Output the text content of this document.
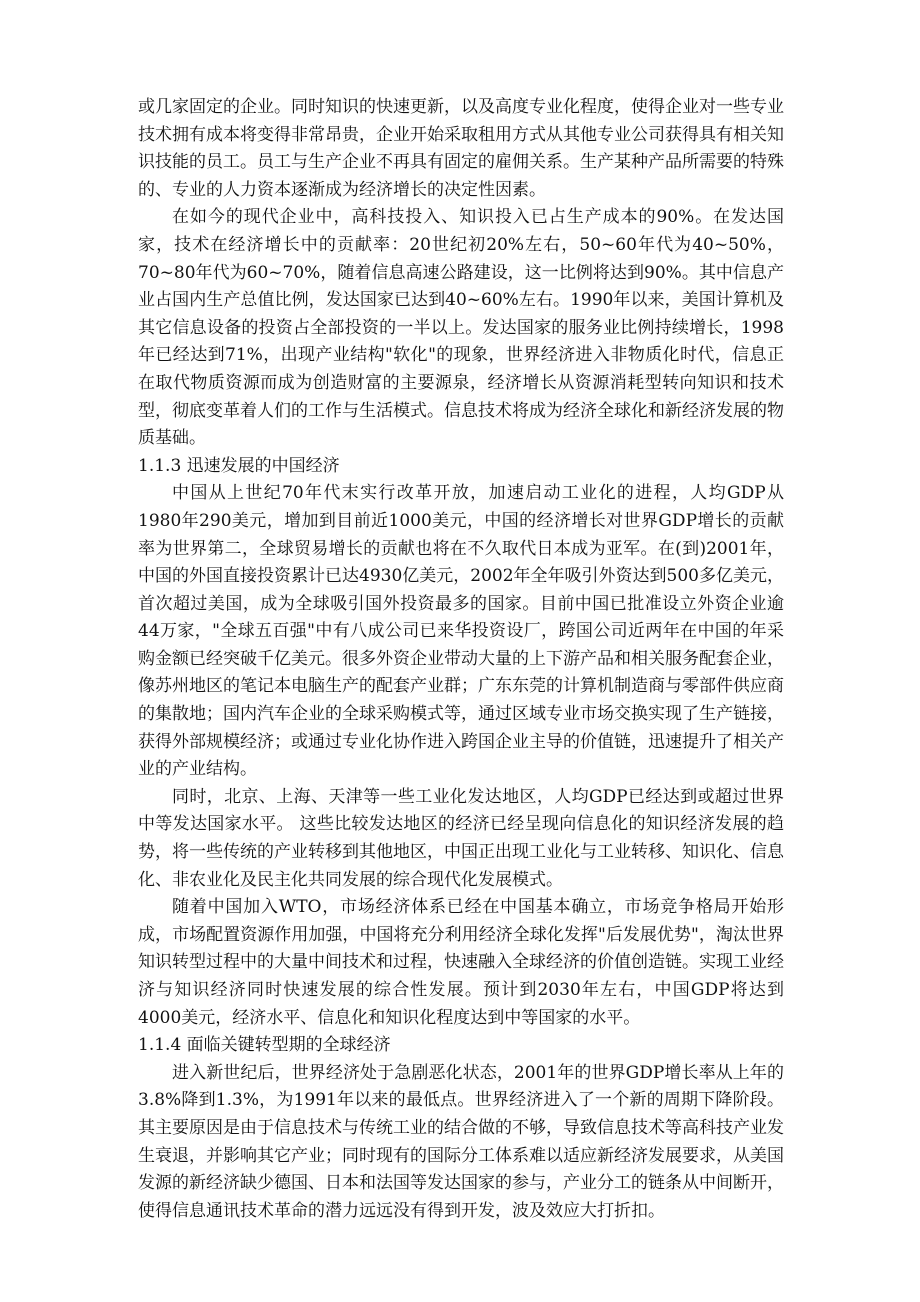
或几家固定的企业。同时知识的快速更新，以及高度专业化程度，使得企业对一些专业技术拥有成本将变得非常昂贵，企业开始采取租用方式从其他专业公司获得具有相关知识技能的员工。员工与生产企业不再具有固定的雇佣关系。生产某种产品所需要的特殊的、专业的人力资本逐渐成为经济增长的决定性因素。

在如今的现代企业中，高科技投入、知识投入已占生产成本的90%。在发达国家，技术在经济增长中的贡献率：20世纪初20%左右，50~60年代为40~50%，70~80年代为60~70%，随着信息高速公路建设，这一比例将达到90%。其中信息产业占国内生产总值比例，发达国家已达到40~60%左右。1990年以来，美国计算机及其它信息设备的投资占全部投资的一半以上。发达国家的服务业比例持续增长，1998年已经达到71%，出现产业结构"软化"的现象，世界经济进入非物质化时代，信息正在取代物质资源而成为创造财富的主要源泉，经济增长从资源消耗型转向知识和技术型，彻底变革着人们的工作与生活模式。信息技术将成为经济全球化和新经济发展的物质基础。

1.1.3 迅速发展的中国经济

中国从上世纪70年代末实行改革开放，加速启动工业化的进程，人均GDP从1980年290美元，增加到目前近1000美元，中国的经济增长对世界GDP增长的贡献率为世界第二，全球贸易增长的贡献也将在不久取代日本成为亚军。在(到)2001年，中国的外国直接投资累计已达4930亿美元，2002年全年吸引外资达到500多亿美元，首次超过美国，成为全球吸引国外投资最多的国家。目前中国已批准设立外资企业逾44万家，"全球五百强"中有八成公司已来华投资设厂，跨国公司近两年在中国的年采购金额已经突破千亿美元。很多外资企业带动大量的上下游产品和相关服务配套企业，像苏州地区的笔记本电脑生产的配套产业群；广东东莞的计算机制造商与零部件供应商的集散地；国内汽车企业的全球采购模式等，通过区域专业市场交换实现了生产链接，获得外部规模经济；或通过专业化协作进入跨国企业主导的价值链，迅速提升了相关产业的产业结构。

同时，北京、上海、天津等一些工业化发达地区，人均GDP已经达到或超过世界中等发达国家水平。 这些比较发达地区的经济已经呈现向信息化的知识经济发展的趋势，将一些传统的产业转移到其他地区，中国正出现工业化与工业转移、知识化、信息化、非农业化及民主化共同发展的综合现代化发展模式。

随着中国加入WTO，市场经济体系已经在中国基本确立，市场竞争格局开始形成，市场配置资源作用加强，中国将充分利用经济全球化发挥"后发展优势"，淘汰世界知识转型过程中的大量中间技术和过程，快速融入全球经济的价值创造链。实现工业经济与知识经济同时快速发展的综合性发展。预计到2030年左右，中国GDP将达到4000美元，经济水平、信息化和知识化程度达到中等国家的水平。

1.1.4 面临关键转型期的全球经济

进入新世纪后，世界经济处于急剧恶化状态，2001年的世界GDP增长率从上年的3.8%降到1.3%，为1991年以来的最低点。世界经济进入了一个新的周期下降阶段。其主要原因是由于信息技术与传统工业的结合做的不够，导致信息技术等高科技产业发生衰退，并影响其它产业；同时现有的国际分工体系难以适应新经济发展要求，从美国发源的新经济缺少德国、日本和法国等发达国家的参与，产业分工的链条从中间断开，使得信息通讯技术革命的潜力远远没有得到开发，波及效应大打折扣。
